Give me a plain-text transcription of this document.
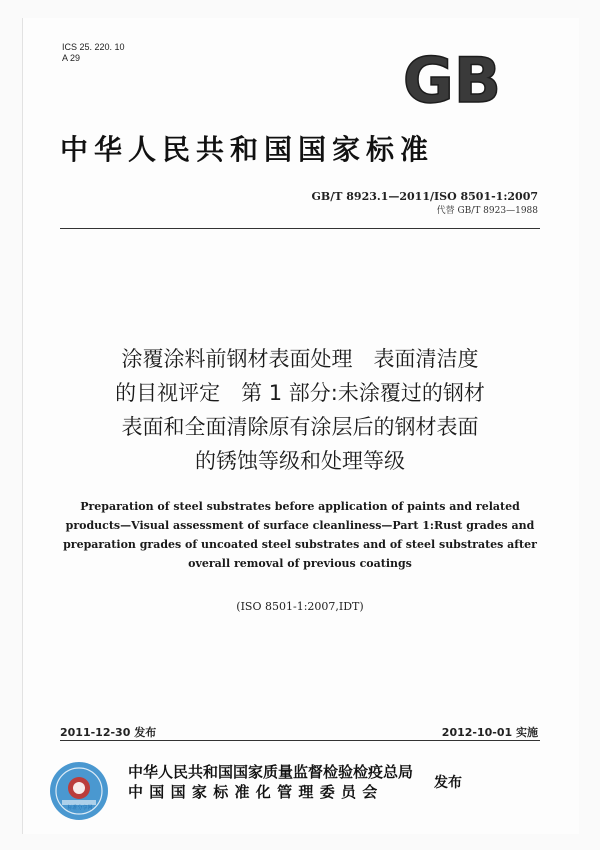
ICS 25. 220. 10
A 29	GB
中华人民共和国国家标准
GB/T 8923.1—2011/ISO 8501-1:2007
代替 GB/T 8923—1988
涂覆涂料前钢材表面处理　表面清洁度
的目视评定　第 1 部分:未涂覆过的钢材
表面和全面清除原有涂层后的钢材表面
的锈蚀等级和处理等级
Preparation of steel substrates before application of paints and related
products—Visual assessment of surface cleanliness—Part 1:Rust grades and
preparation grades of uncoated steel substrates and of steel substrates after
overall removal of previous coatings
(ISO 8501-1:2007,IDT)
2011-12-30 发布	2012-10-01 实施
标准分享网
中华人民共和国国家质量监督检验检疫总局
中国国家标准化管理委员会	发布
